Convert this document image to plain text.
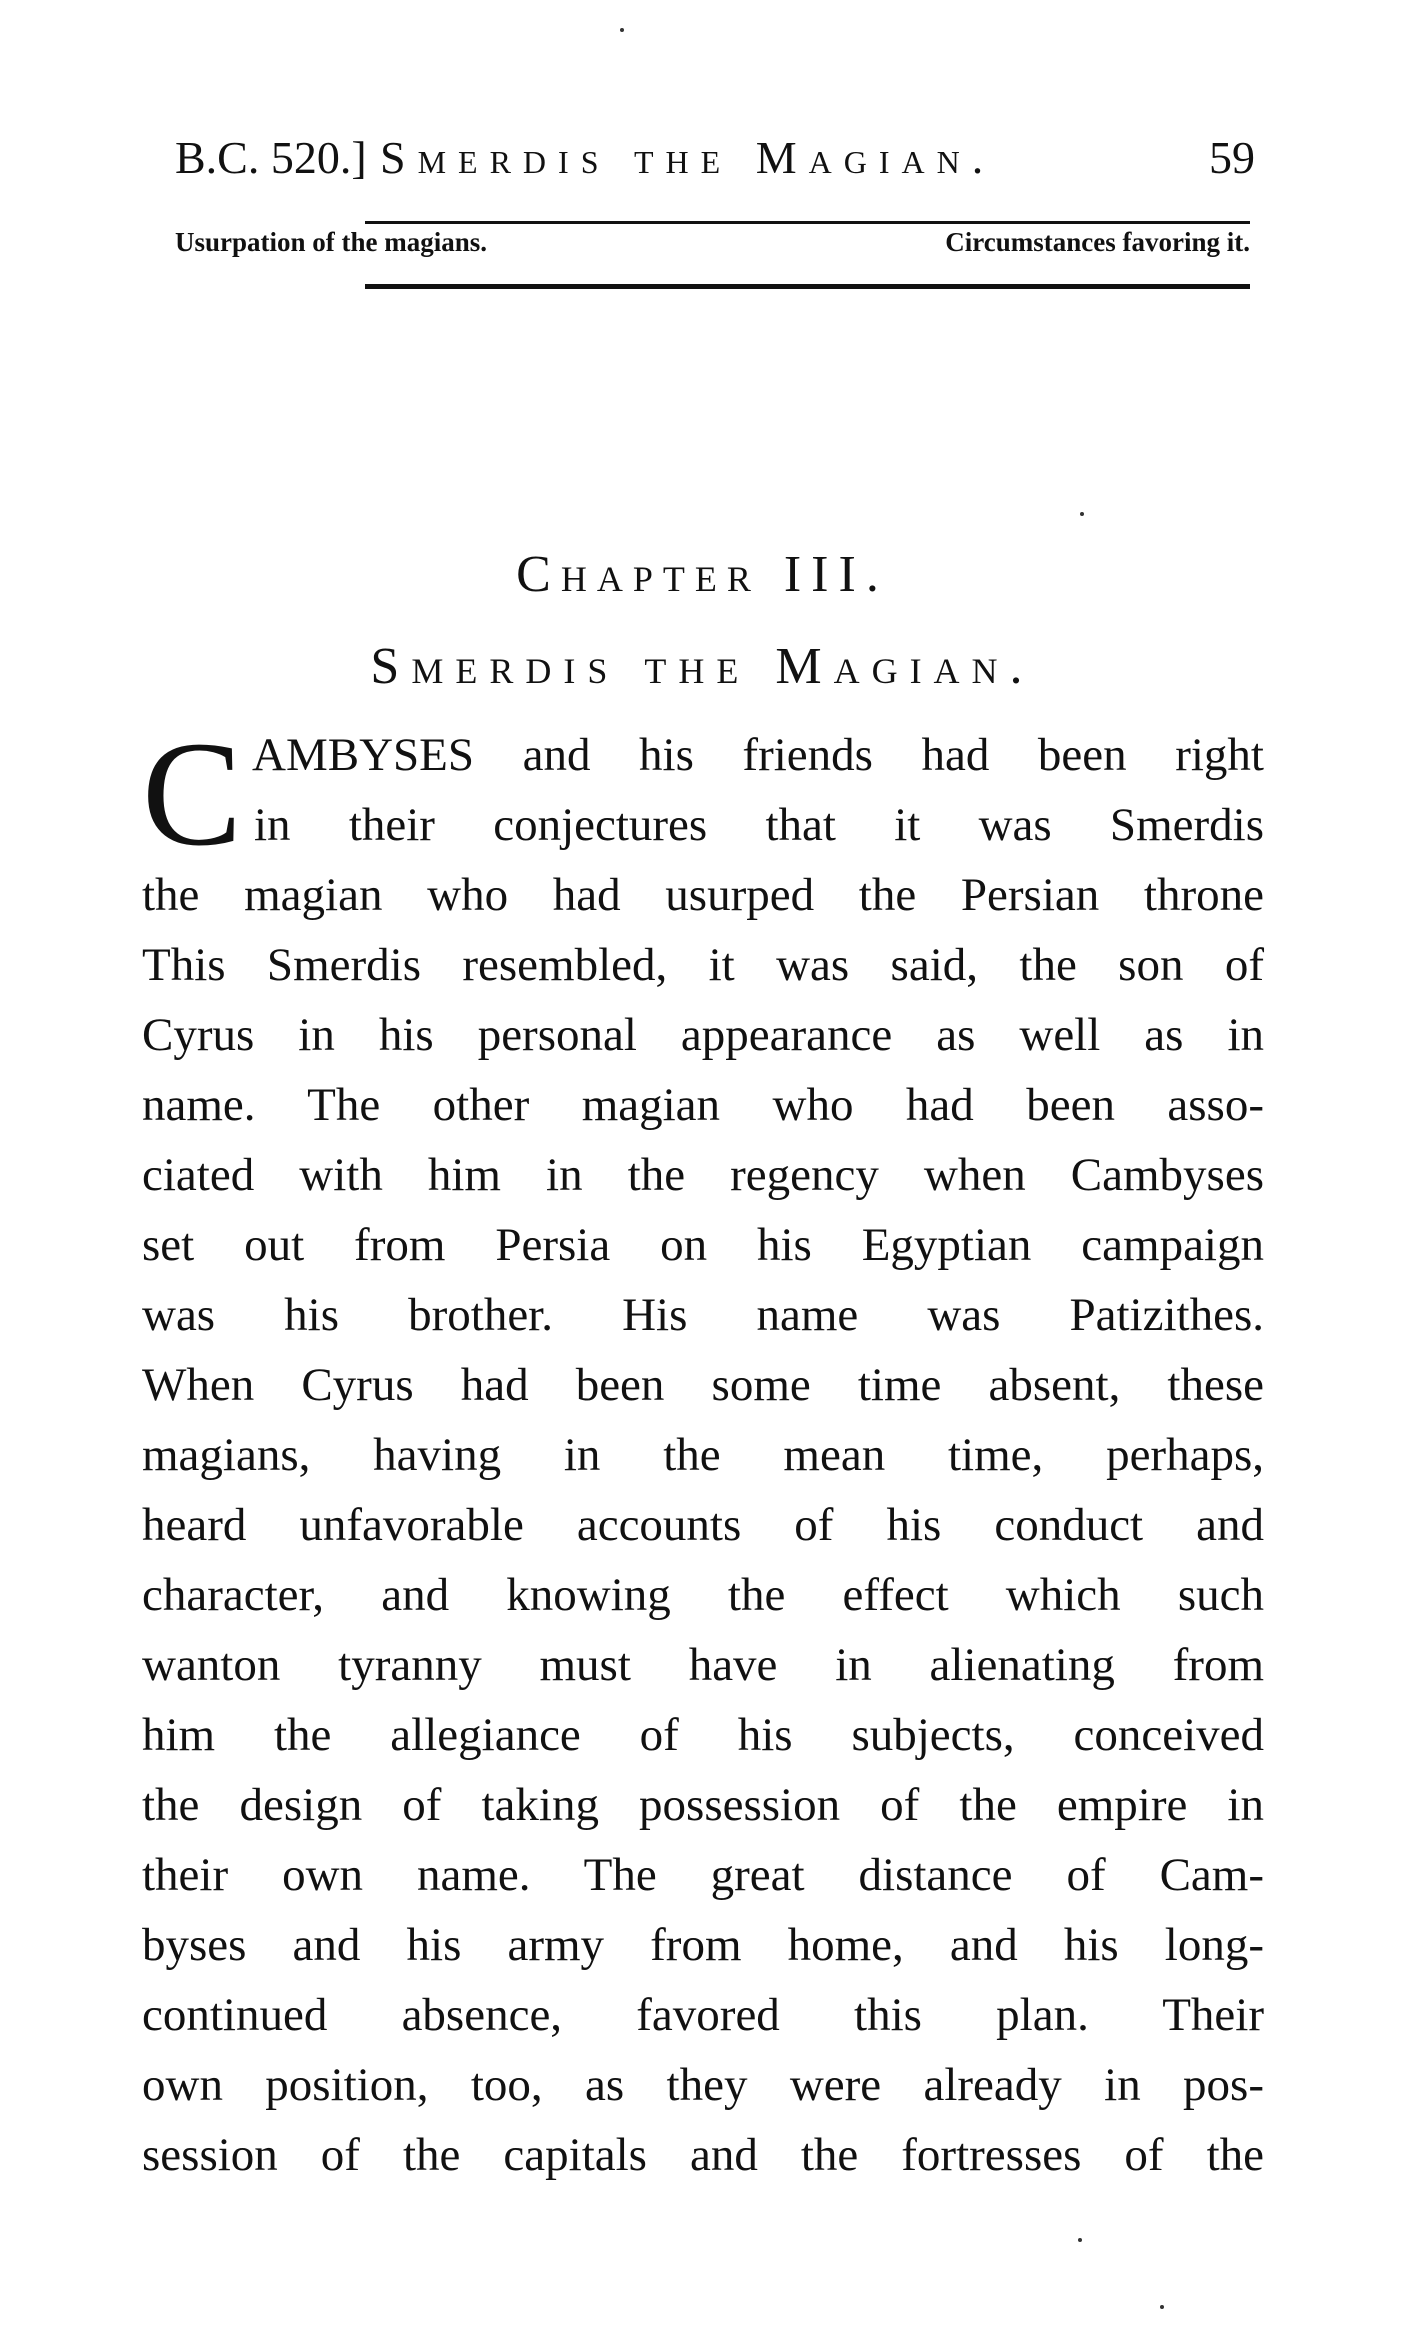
B.C. 520.] Smerdis the Magian.	59
Usurpation of the magians.	Circumstances favoring it.
Chapter III.
Smerdis the Magian.
C AMBYSES and his friends had been right
in their conjectures that it was Smerdis
the magian who had usurped the Persian throne
This Smerdis resembled, it was said, the son of
Cyrus in his personal appearance as well as in
name. The other magian who had been asso-
ciated with him in the regency when Cambyses
set out from Persia on his Egyptian campaign
was his brother. His name was Patizithes.
When Cyrus had been some time absent, these
magians, having in the mean time, perhaps,
heard unfavorable accounts of his conduct and
character, and knowing the effect which such
wanton tyranny must have in alienating from
him the allegiance of his subjects, conceived
the design of taking possession of the empire in
their own name. The great distance of Cam-
byses and his army from home, and his long-
continued absence, favored this plan. Their
own position, too, as they were already in pos-
session of the capitals and the fortresses of the
